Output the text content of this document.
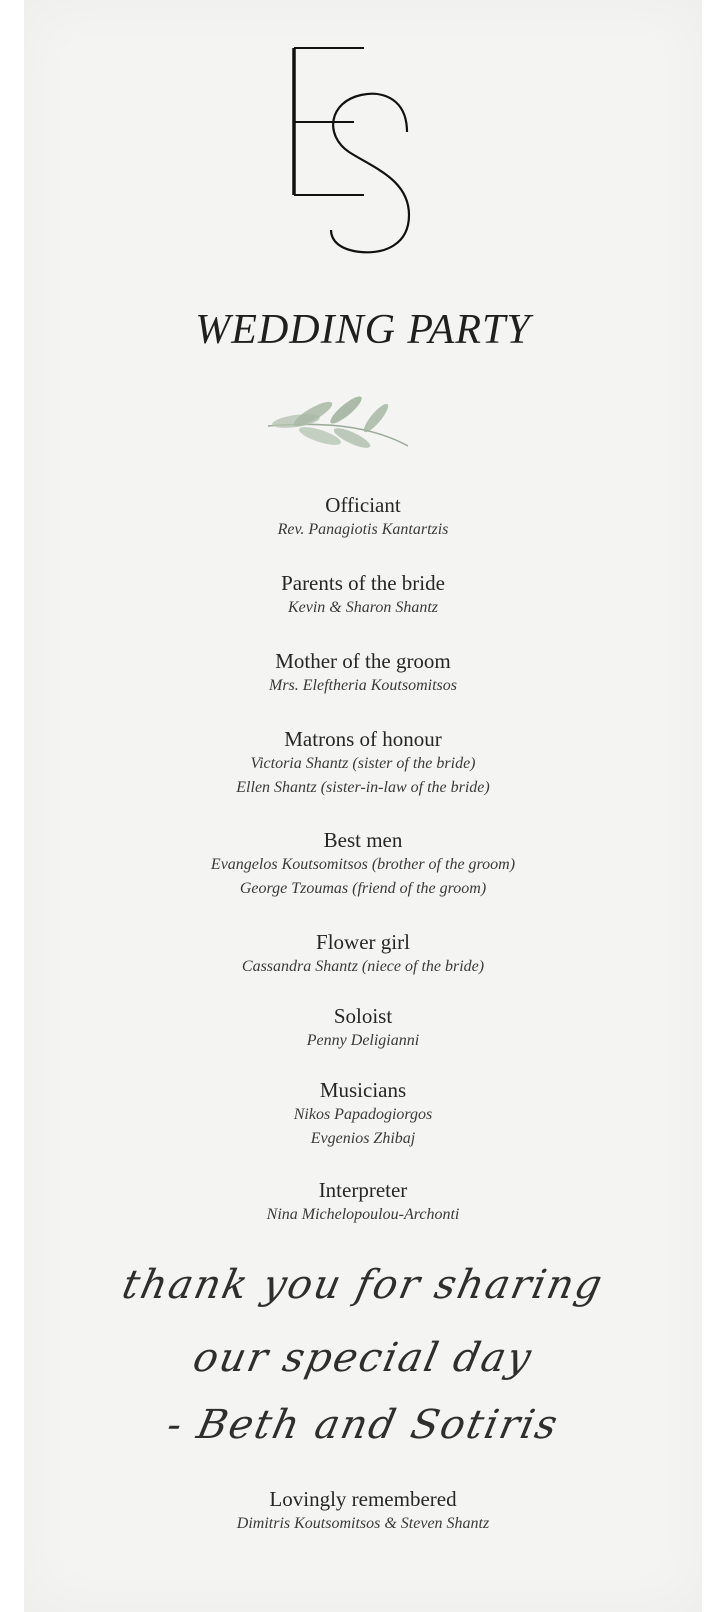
WEDDING PARTY
Officiant
Rev. Panagiotis Kantartzis
Parents of the bride
Kevin & Sharon Shantz
Mother of the groom
Mrs. Eleftheria Koutsomitsos
Matrons of honour
Victoria Shantz (sister of the bride)
Ellen Shantz (sister-in-law of the bride)
Best men
Evangelos Koutsomitsos (brother of the groom)
George Tzoumas (friend of the groom)
Flower girl
Cassandra Shantz (niece of the bride)
Soloist
Penny Deligianni
Musicians
Nikos Papadogiorgos
Evgenios Zhibaj
Interpreter
Nina Michelopoulou-Archonti
thank you for sharing
our special day
- Beth and Sotiris
Lovingly remembered
Dimitris Koutsomitsos & Steven Shantz
